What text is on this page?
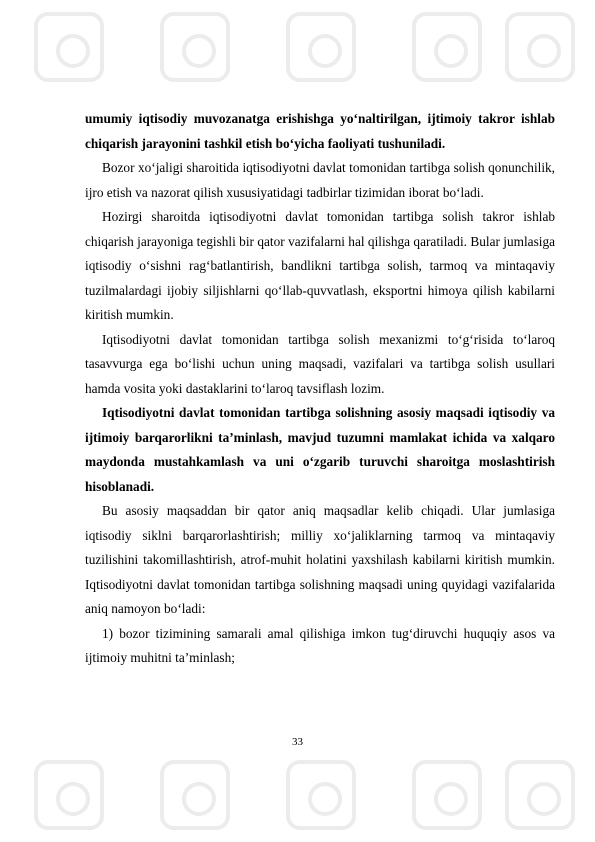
umumiy iqtisodiy muvozanatga erishishga yo‘naltirilgan, ijtimoiy takror ishlab chiqarish jarayonini tashkil etish bo‘yicha faoliyati tushuniladi.

Bozor xo‘jaligi sharoitida iqtisodiyotni davlat tomonidan tartibga solish qonunchilik, ijro etish va nazorat qilish xususiyatidagi tadbirlar tizimidan iborat bo‘ladi.

Hozirgi sharoitda iqtisodiyotni davlat tomonidan tartibga solish takror ishlab chiqarish jarayoniga tegishli bir qator vazifalarni hal qilishga qaratiladi. Bular jumlasiga iqtisodiy o‘sishni rag‘batlantirish, bandlikni tartibga solish, tarmoq va mintaqaviy tuzilmalardagi ijobiy siljishlarni qo‘llab-quvvatlash, eksportni himoya qilish kabilarni kiritish mumkin.

Iqtisodiyotni davlat tomonidan tartibga solish mexanizmi to‘g‘risida to‘laroq tasavvurga ega bo‘lishi uchun uning maqsadi, vazifalari va tartibga solish usullari hamda vosita yoki dastaklarini to‘laroq tavsiflash lozim.

Iqtisodiyotni davlat tomonidan tartibga solishning asosiy maqsadi iqtisodiy va ijtimoiy barqarorlikni ta’minlash, mavjud tuzumni mamlakat ichida va xalqaro maydonda mustahkamlash va uni o‘zgarib turuvchi sharoitga moslashtirish hisoblanadi.

Bu asosiy maqsaddan bir qator aniq maqsadlar kelib chiqadi. Ular jumlasiga iqtisodiy siklni barqarorlashtirish; milliy xo‘jaliklarning tarmoq va mintaqaviy tuzilishini takomillashtirish, atrof-muhit holatini yaxshilash kabilarni kiritish mumkin. Iqtisodiyotni davlat tomonidan tartibga solishning maqsadi uning quyidagi vazifalarida aniq namoyon bo‘ladi:

1) bozor tizimining samarali amal qilishiga imkon tug‘diruvchi huquqiy asos va ijtimoiy muhitni ta’minlash;

33
